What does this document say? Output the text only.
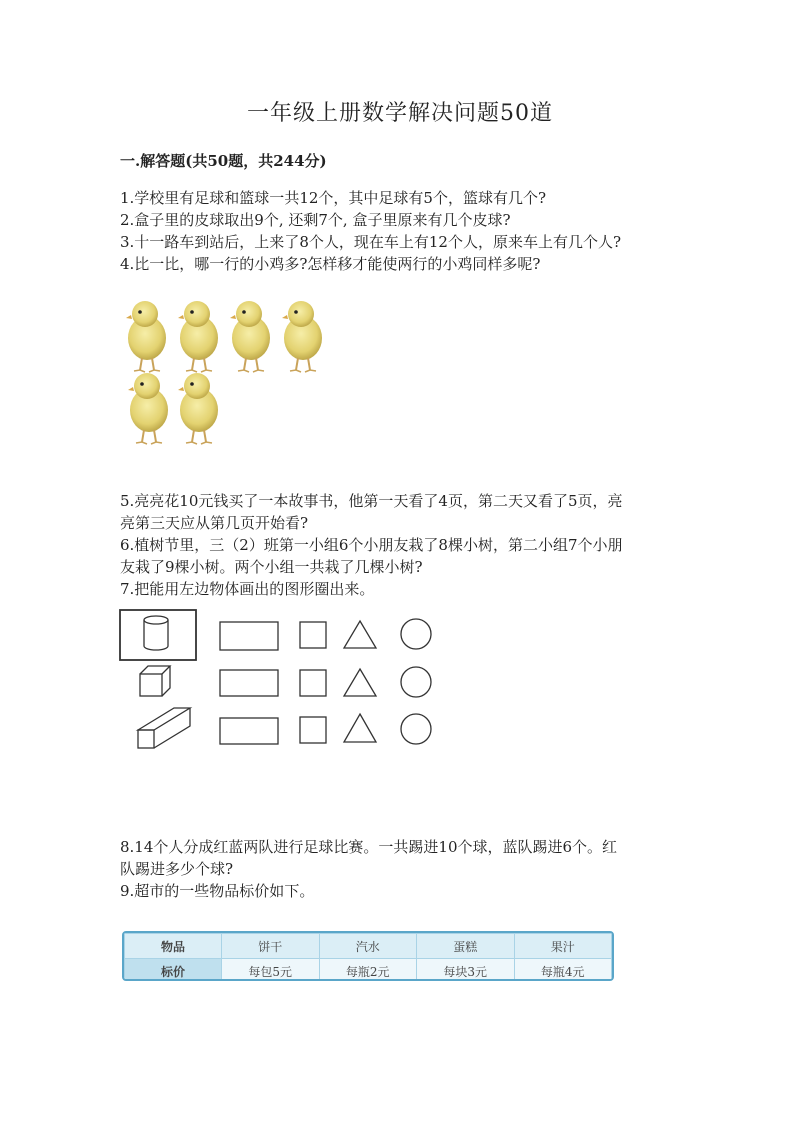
一年级上册数学解决问题50道
一.解答题(共50题，共244分)
1.学校里有足球和篮球一共12个，其中足球有5个，篮球有几个?
2.盒子里的皮球取出9个, 还剩7个, 盒子里原来有几个皮球?
3.十一路车到站后，上来了8个人，现在车上有12个人，原来车上有几个人?
4.比一比，哪一行的小鸡多?怎样移才能使两行的小鸡同样多呢?
5.亮亮花10元钱买了一本故事书，他第一天看了4页，第二天又看了5页，亮
亮第三天应从第几页开始看?
6.植树节里，三（2）班第一小组6个小朋友栽了8棵小树，第二小组7个小朋
友栽了9棵小树。两个小组一共栽了几棵小树?
7.把能用左边物体画出的图形圈出来。
8.14个人分成红蓝两队进行足球比赛。一共踢进10个球，蓝队踢进6个。红
队踢进多少个球?
9.超市的一些物品标价如下。
物品	饼干	汽水	蛋糕	果汁
标价	每包5元	每瓶2元	每块3元	每瓶4元
